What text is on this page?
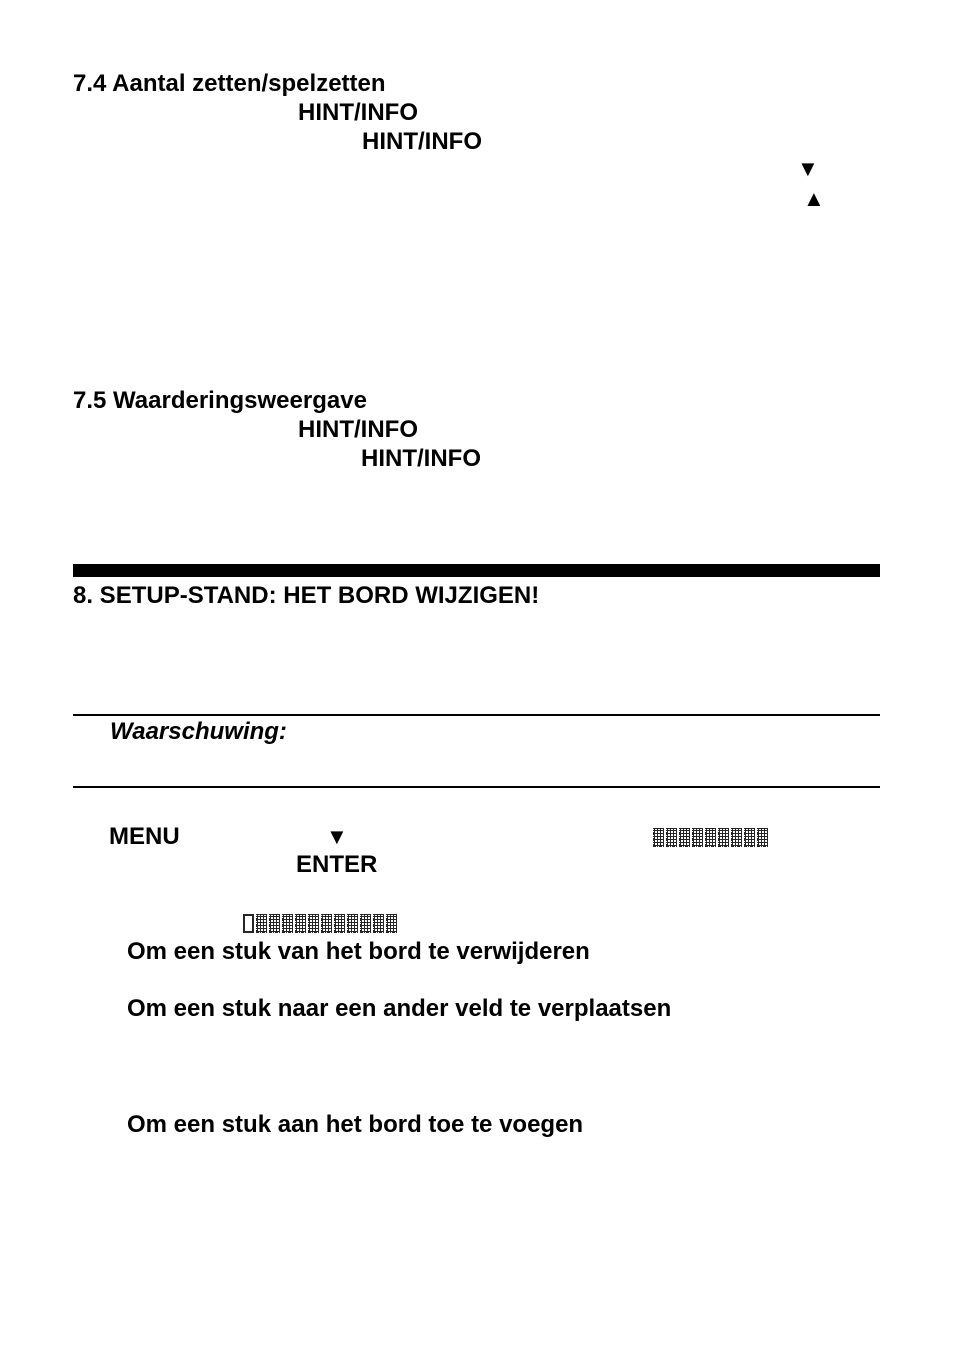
7.4 Aantal zetten/spelzetten
HINT/INFO
HINT/INFO
▼
▲
7.5 Waarderingsweergave
HINT/INFO
HINT/INFO
8. SETUP-STAND: HET BORD WIJZIGEN!
Waarschuwing:
MENU	▼
ENTER
Om een stuk van het bord te verwijderen
Om een stuk naar een ander veld te verplaatsen
Om een stuk aan het bord toe te voegen
